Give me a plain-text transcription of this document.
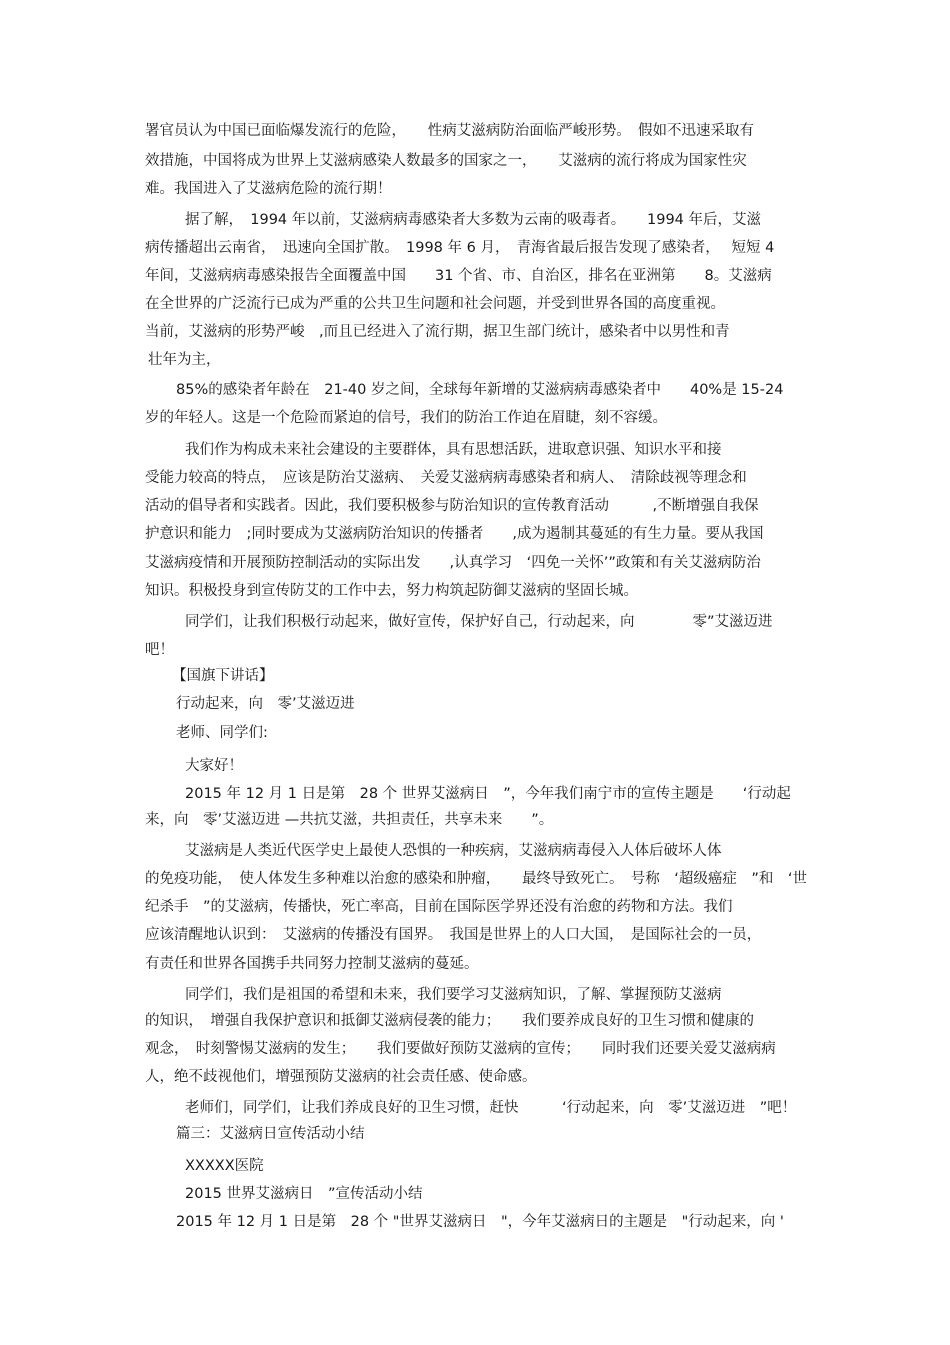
署官员认为中国已面临爆发流行的危险，　　性病艾滋病防治面临严峻形势。　假如不迅速采取有
效措施，中国将成为世界上艾滋病感染人数最多的国家之一，　　艾滋病的流行将成为国家性灾
难。我国进入了艾滋病危险的流行期！
据了解，　1994 年以前，艾滋病病毒感染者大多数为云南的吸毒者。　　1994 年后，艾滋
病传播超出云南省，　迅速向全国扩散。　1998 年 6 月，　青海省最后报告发现了感染者，　 短短 4
年间，艾滋病病毒感染报告全面覆盖中国　　31 个省、市、自治区，排名在亚洲第　　8。艾滋病
在全世界的广泛流行已成为严重的公共卫生问题和社会问题，并受到世界各国的高度重视。
当前，艾滋病的形势严峻　,而且已经进入了流行期，据卫生部门统计，感染者中以男性和青
壮年为主，
85%的感染者年龄在　21-40 岁之间，全球每年新增的艾滋病病毒感染者中　　40%是 15-24
岁的年轻人。这是一个危险而紧迫的信号，我们的防治工作迫在眉睫，刻不容缓。
我们作为构成未来社会建设的主要群体，具有思想活跃，进取意识强、知识水平和接
受能力较高的特点，　应该是防治艾滋病、　关爱艾滋病病毒感染者和病人、　清除歧视等理念和
活动的倡导者和实践者。因此，我们要积极参与防治知识的宣传教育活动　　　,不断增强自我保
护意识和能力　;同时要成为艾滋病防治知识的传播者　　,成为遏制其蔓延的有生力量。要从我国
艾滋病疫情和开展预防控制活动的实际出发　　,认真学习　‘四免一关怀’”政策和有关艾滋病防治
知识。积极投身到宣传防艾的工作中去，努力构筑起防御艾滋病的坚固长城。
同学们，让我们积极行动起来，做好宣传，保护好自己，行动起来，向　　　　零”艾滋迈进
吧！
【国旗下讲话】
行动起来，向　零’艾滋迈进
老师、同学们:
大家好！
2015 年 12 月 1 日是第　28 个 世界艾滋病日　”，今年我们南宁市的宣传主题是　　‘行动起
来，向　零’艾滋迈进 —共抗艾滋，共担责任，共享未来　　”。
艾滋病是人类近代医学史上最使人恐惧的一种疾病，艾滋病病毒侵入人体后破坏人体
的免疫功能，　使人体发生多种难以治愈的感染和肿瘤，　　最终导致死亡。　号称　‘超级癌症　”和　‘世
纪杀手　”的艾滋病，传播快，死亡率高，目前在国际医学界还没有治愈的药物和方法。我们
应该清醒地认识到：　艾滋病的传播没有国界。　我国是世界上的人口大国，　是国际社会的一员，
有责任和世界各国携手共同努力控制艾滋病的蔓延。
同学们，我们是祖国的希望和未来，我们要学习艾滋病知识，了解、掌握预防艾滋病
的知识，　增强自我保护意识和抵御艾滋病侵袭的能力；　　我们要养成良好的卫生习惯和健康的
观念，　时刻警惕艾滋病的发生；　　我们要做好预防艾滋病的宣传；　　同时我们还要关爱艾滋病病
人，绝不歧视他们，增强预防艾滋病的社会责任感、使命感。
老师们，同学们，让我们养成良好的卫生习惯，赶快　　　‘行动起来，向　零’艾滋迈进　”吧！
篇三：艾滋病日宣传活动小结
XXXXX医院
2015 世界艾滋病日　”宣传活动小结
2015 年 12 月 1 日是第　28 个 "世界艾滋病日　"，今年艾滋病日的主题是　"行动起来，向 '
